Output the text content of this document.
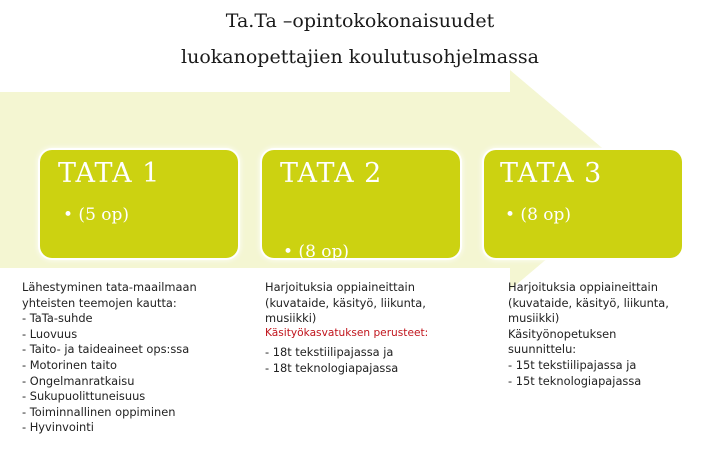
Ta.Ta –opintokokonaisuudet
luokanopettajien koulutusohjelmassa
TATA 1
• (5 op)
TATA 2
• (8 op)
TATA 3
• (8 op)
Lähestyminen tata-maailmaan
yhteisten teemojen kautta:
- TaTa-suhde
- Luovuus
- Taito- ja taideaineet ops:ssa
- Motorinen taito
- Ongelmanratkaisu
- Sukupuolittuneisuus
- Toiminnallinen oppiminen
- Hyvinvointi
Harjoituksia oppiaineittain
(kuvataide, käsityö, liikunta,
musiikki)
Käsityökasvatuksen perusteet:
- 18t tekstiilipajassa ja
- 18t teknologiapajassa
Harjoituksia oppiaineittain
(kuvataide, käsityö, liikunta,
musiikki)
Käsityönopetuksen
suunnittelu:
- 15t tekstiilipajassa ja
- 15t teknologiapajassa
